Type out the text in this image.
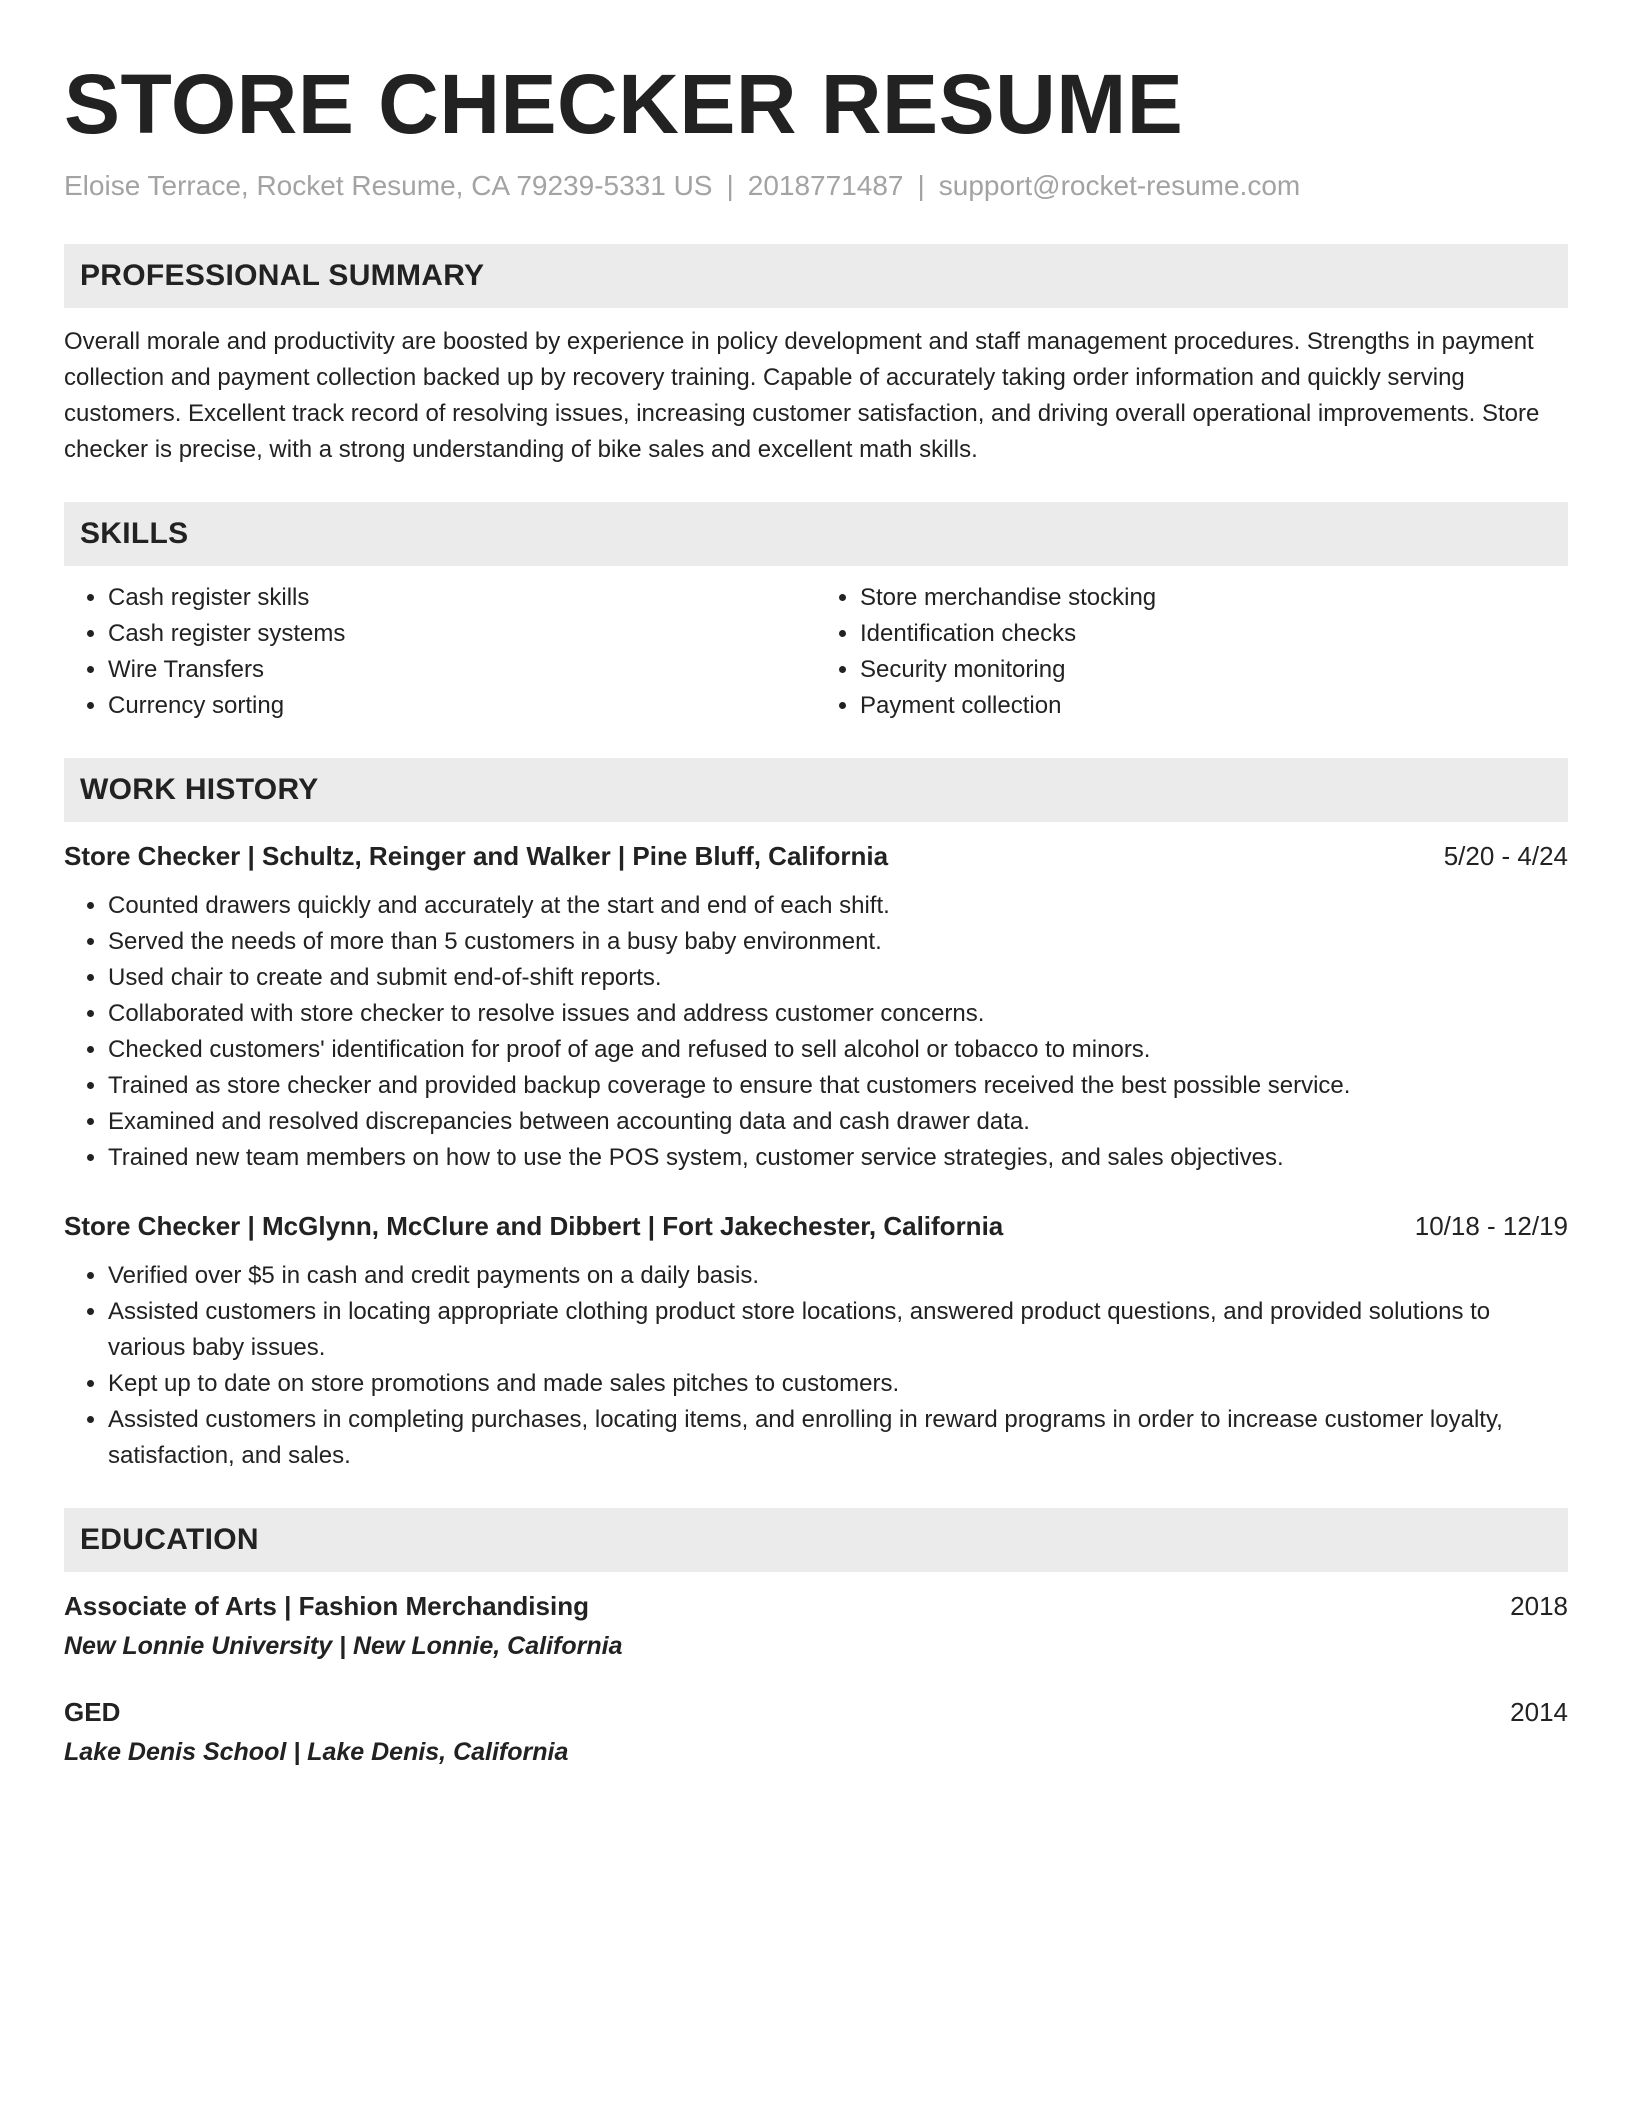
STORE CHECKER RESUME
Eloise Terrace, Rocket Resume, CA 79239-5331 US | 2018771487 | support@rocket-resume.com
PROFESSIONAL SUMMARY
Overall morale and productivity are boosted by experience in policy development and staff management procedures. Strengths in payment collection and payment collection backed up by recovery training. Capable of accurately taking order information and quickly serving customers. Excellent track record of resolving issues, increasing customer satisfaction, and driving overall operational improvements. Store checker is precise, with a strong understanding of bike sales and excellent math skills.
SKILLS
• Cash register skills
• Cash register systems
• Wire Transfers
• Currency sorting
• Store merchandise stocking
• Identification checks
• Security monitoring
• Payment collection
WORK HISTORY
Store Checker | Schultz, Reinger and Walker | Pine Bluff, California	5/20 - 4/24
• Counted drawers quickly and accurately at the start and end of each shift.
• Served the needs of more than 5 customers in a busy baby environment.
• Used chair to create and submit end-of-shift reports.
• Collaborated with store checker to resolve issues and address customer concerns.
• Checked customers' identification for proof of age and refused to sell alcohol or tobacco to minors.
• Trained as store checker and provided backup coverage to ensure that customers received the best possible service.
• Examined and resolved discrepancies between accounting data and cash drawer data.
• Trained new team members on how to use the POS system, customer service strategies, and sales objectives.
Store Checker | McGlynn, McClure and Dibbert | Fort Jakechester, California	10/18 - 12/19
• Verified over $5 in cash and credit payments on a daily basis.
• Assisted customers in locating appropriate clothing product store locations, answered product questions, and provided solutions to various baby issues.
• Kept up to date on store promotions and made sales pitches to customers.
• Assisted customers in completing purchases, locating items, and enrolling in reward programs in order to increase customer loyalty, satisfaction, and sales.
EDUCATION
Associate of Arts | Fashion Merchandising	2018
New Lonnie University | New Lonnie, California
GED	2014
Lake Denis School | Lake Denis, California
